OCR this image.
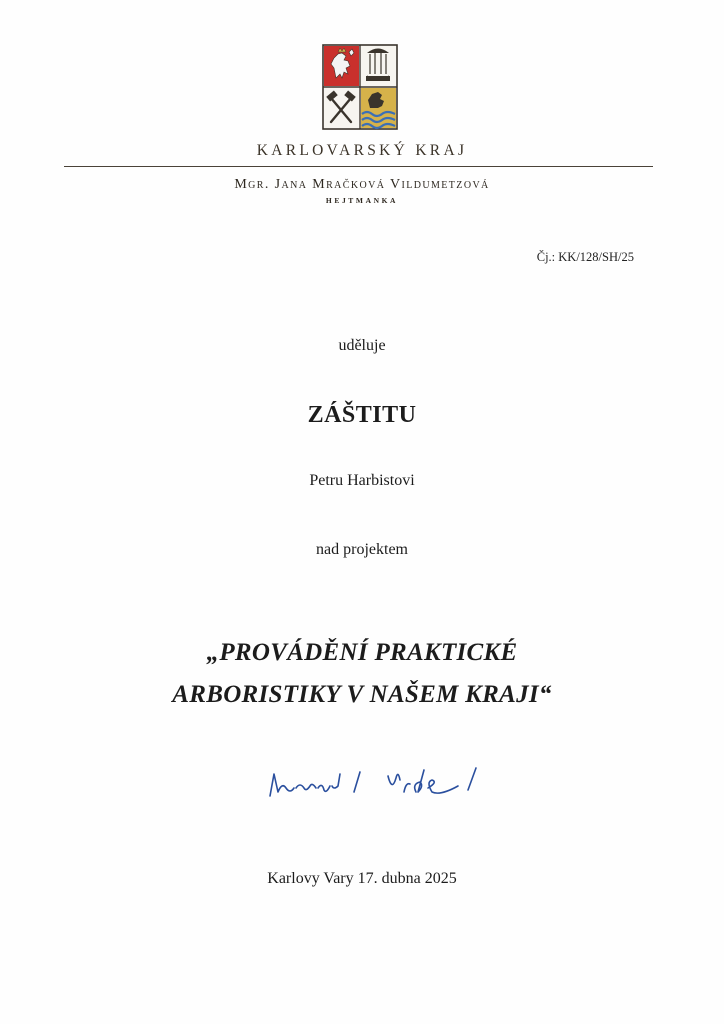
KARLOVARSKÝ KRAJ
Mgr. Jana Mračková Vildumetzová
HEJTMANKA
Čj.: KK/128/SH/25
uděluje
ZÁŠTITU
Petru Harbistovi
nad projektem
„PROVÁDĚNÍ PRAKTICKÉ
ARBORISTIKY V NAŠEM KRAJI“
Karlovy Vary 17. dubna 2025
